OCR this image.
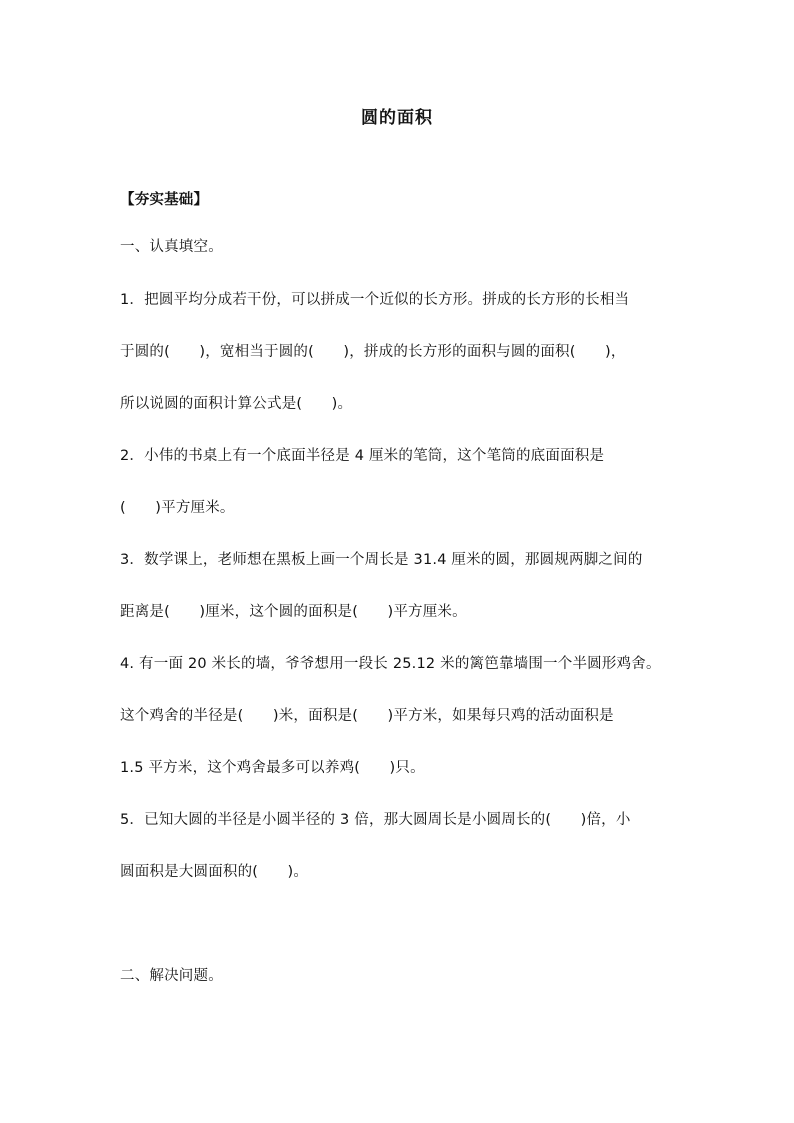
圆的面积
【夯实基础】
一、认真填空。
1．把圆平均分成若干份，可以拼成一个近似的长方形。拼成的长方形的长相当
于圆的(　　)，宽相当于圆的(　　)，拼成的长方形的面积与圆的面积(　　)，
所以说圆的面积计算公式是(　　)。
2．小伟的书桌上有一个底面半径是 4 厘米的笔筒，这个笔筒的底面面积是
(　　)平方厘米。
3．数学课上，老师想在黑板上画一个周长是 31.4 厘米的圆，那圆规两脚之间的
距离是(　　)厘米，这个圆的面积是(　　)平方厘米。
4. 有一面 20 米长的墙，爷爷想用一段长 25.12 米的篱笆靠墙围一个半圆形鸡舍。
这个鸡舍的半径是(　　)米，面积是(　　)平方米，如果每只鸡的活动面积是
1.5 平方米，这个鸡舍最多可以养鸡(　　)只。
5．已知大圆的半径是小圆半径的 3 倍，那大圆周长是小圆周长的(　　)倍，小
圆面积是大圆面积的(　　)。
二、解决问题。
